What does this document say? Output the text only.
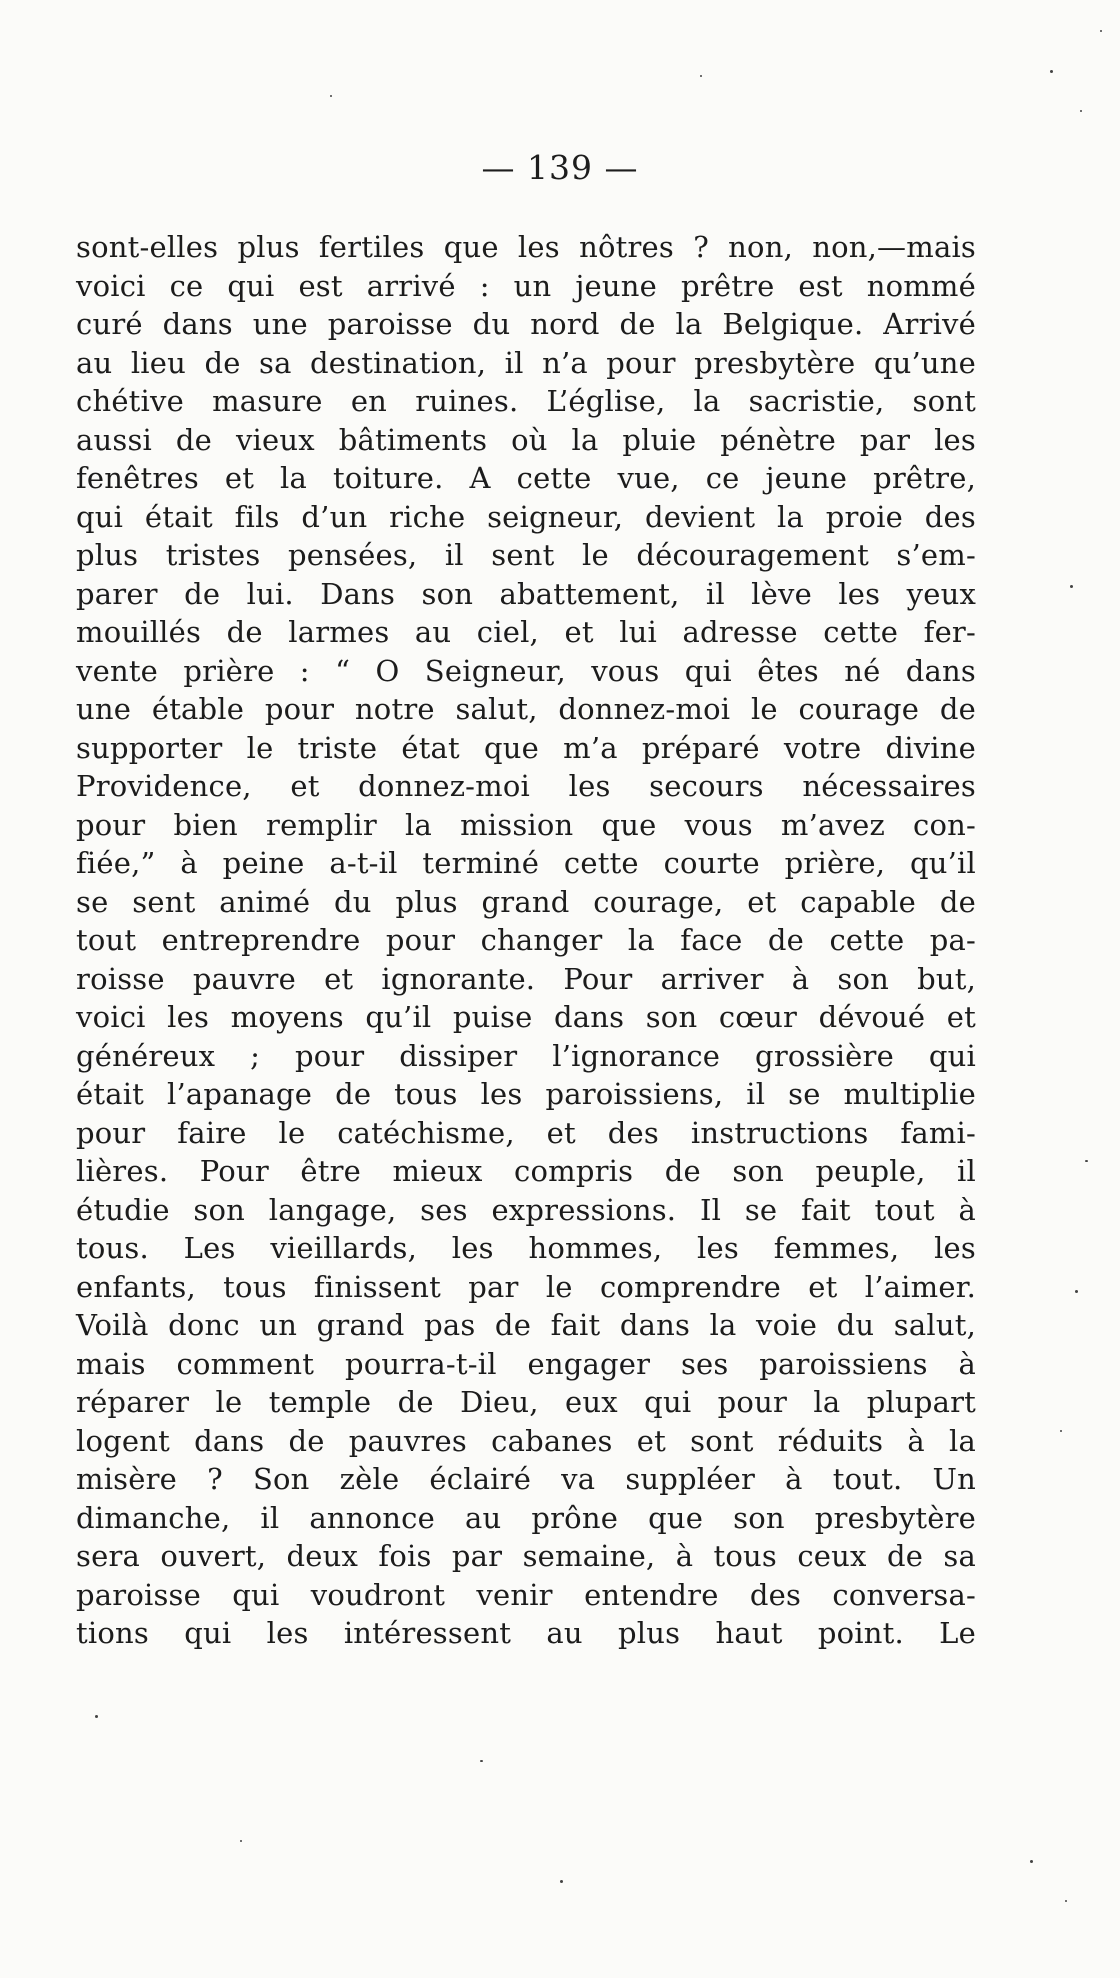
— 139 —
sont-elles plus fertiles que les nôtres ? non, non,—mais
voici ce qui est arrivé : un jeune prêtre est nommé
curé dans une paroisse du nord de la Belgique. Arrivé
au lieu de sa destination, il n’a pour presbytère qu’une
chétive masure en ruines. L’église, la sacristie, sont
aussi de vieux bâtiments où la pluie pénètre par les
fenêtres et la toiture. A cette vue, ce jeune prêtre,
qui était fils d’un riche seigneur, devient la proie des
plus tristes pensées, il sent le découragement s’em-
parer de lui. Dans son abattement, il lève les yeux
mouillés de larmes au ciel, et lui adresse cette fer-
vente prière : “ O Seigneur, vous qui êtes né dans
une étable pour notre salut, donnez-moi le courage de
supporter le triste état que m’a préparé votre divine
Providence, et donnez-moi les secours nécessaires
pour bien remplir la mission que vous m’avez con-
fiée,” à peine a-t-il terminé cette courte prière, qu’il
se sent animé du plus grand courage, et capable de
tout entreprendre pour changer la face de cette pa-
roisse pauvre et ignorante. Pour arriver à son but,
voici les moyens qu’il puise dans son cœur dévoué et
généreux ; pour dissiper l’ignorance grossière qui
était l’apanage de tous les paroissiens, il se multiplie
pour faire le catéchisme, et des instructions fami-
lières. Pour être mieux compris de son peuple, il
étudie son langage, ses expressions. Il se fait tout à
tous. Les vieillards, les hommes, les femmes, les
enfants, tous finissent par le comprendre et l’aimer.
Voilà donc un grand pas de fait dans la voie du salut,
mais comment pourra-t-il engager ses paroissiens à
réparer le temple de Dieu, eux qui pour la plupart
logent dans de pauvres cabanes et sont réduits à la
misère ? Son zèle éclairé va suppléer à tout. Un
dimanche, il annonce au prône que son presbytère
sera ouvert, deux fois par semaine, à tous ceux de sa
paroisse qui voudront venir entendre des conversa-
tions qui les intéressent au plus haut point. Le
